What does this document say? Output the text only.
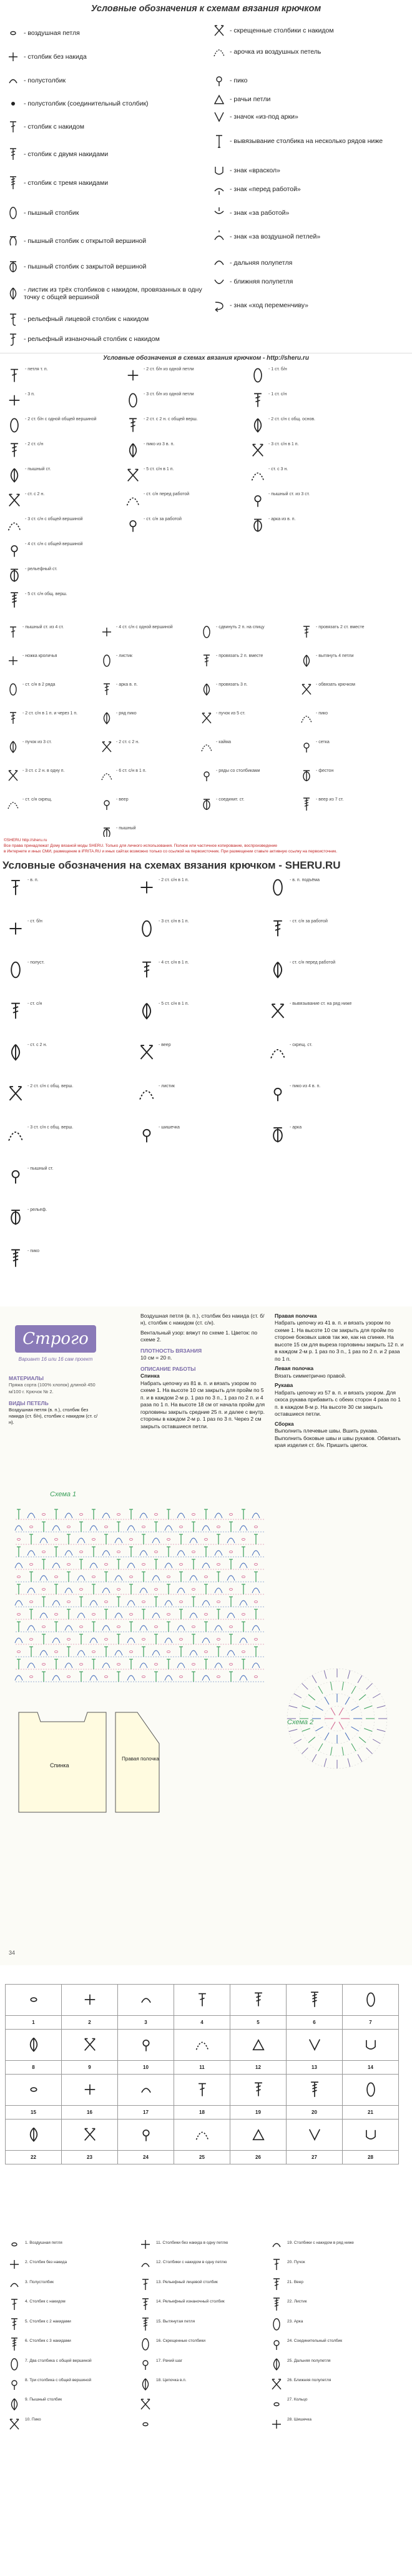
Условные обозначения к схемам вязания крючком
- воздушная петля
- столбик без накида
- полустолбик
- полустолбик (соединительный столбик)
- столбик с накидом
- столбик с двумя накидами
- столбик с тремя накидами
- пышный столбик
- пышный столбик с открытой вершиной
- пышный столбик с закрытой вершиной
- листик из трёх столбиков с накидом, провязанных в одну точку с общей вершиной
- рельефный лицевой столбик с накидом
- рельефный изнаночный столбик с накидом
- скрещенные столбики с накидом
- арочка из воздушных петель
- пико
- рачьи петли
- значок «из-под арки»
- вывязывание столбика на несколько рядов ниже
- знак «враскол»
- знак «перед работой»
- знак «за работой»
- знак «за воздушной петлей»
- дальняя полупетля
- ближняя полупетля
- знак «ход переменчиву»
Условные обозначения в схемах вязания крючком - http://sheru.ru
- петля т. п.
- 3 п.
- 2 ст. б/н с одной общей вершиной
- 2 ст. с/н
- пышный ст.
- ст. с 2 н.
- 3 ст. с/н с общей вершиной
- 4 ст. с/н с общей вершиной
- рельефный ст.
- 5 ст. с/н общ. верш.
- 2 ст. б/н из одной петли
- 3 ст. б/н из одной петли
- 2 ст. с 2 н. с общей верш.
- пико из 3 в. п.
- 5 ст. с/н в 1 п.
- ст. с/н перед работой
- ст. с/н за работой
- 1 ст. б/н
- 1 ст. с/н
- 2 ст. с/н с общ. основ.
- 3 ст. с/н в 1 п.
- ст. с 3 н.
- пышный ст. из 3 ст.
- арка из в. п.
- пышный ст. из 4 ст.
- ножка кроличья
- ст. с/н в 2 ряда
- 2 ст. с/н в 1 п. и через 1 п.
- пучок из 3 ст.
- 3 ст. с 2 н. в одну п.
- ст. с/н скрещ.
- 4 ст. с/н с одной вершиной
- листик
- арка в. п.
- ряд пико
- 2 ст. с 2 н.
- 6 ст. с/н в 1 п.
- веер
- пышный
- сдвинуть 2 п. на спицу
- провязать 2 п. вместе
- провязать 3 п.
- пучок из 5 ст.
- кайма
- ряды со столбиками
- соединит. ст.
- провязать 2 ст. вместе
- вытянуть 4 петли
- обвязать крючком
- пико
- сетка
- фестон
- веер из 7 ст.
©SHERU http://sheru.ru
Все права принадлежат Дому вязаной моды SHERU. Только для личного использования. Полное или частичное копирование, воспроизведение
в Интернете и иных СМИ, размещение в iFRITA.RU и иных сайтах возможно только со ссылкой на первоисточник. При размещении ставьте активную ссылку на первоисточник.
Условные обозначения на схемах вязания крючком - SHERU.RU
- в. п.
- ст. б/н
- полуст.
- ст. с/н
- ст. с 2 н.
- 2 ст. с/н с общ. верш.
- 3 ст. с/н с общ. верш.
- пышный ст.
- рельеф.
- пико
- 2 ст. с/н в 1 п.
- 3 ст. с/н в 1 п.
- 4 ст. с/н в 1 п.
- 5 ст. с/н в 1 п.
- веер
- листик
- шишечка
- в. п. подъёма
- ст. с/н за работой
- ст. с/н перед работой
- вывязывание ст. на ряд ниже
- скрещ. ст.
- пико из 4 в. п.
- арка
Строго
Вариант 16 или 16 сам проект
МАТЕРИАЛЫ
Пряжа сорта (100% хлопок) длиной 450 м/100 г. Крючок № 2.
ВИДЫ ПЕТЕЛЬ
Воздушная петля (в. п.), столбик без накида (ст. б/н), столбик с накидом (ст. с/н).
Воздушная петля (в. п.), столбик без накида (ст. б/н), столбик с накидом (ст. с/н).
Вентальный узор: вяжут по схеме 1. Цветок: по схеме 2.
ПЛОТНОСТЬ ВЯЗАНИЯ
10 см = 20 п.
ОПИСАНИЕ РАБОТЫ
Спинка
Набрать цепочку из 81 в. п. и вязать узором по схеме 1. На высоте 10 см закрыть для пройм по 5 п. и в каждом 2-м р. 1 раз по 3 п., 1 раз по 2 п. и 4 раза по 1 п. На высоте 18 см от начала пройм для горловины закрыть средние 25 п. и далее с внутр. стороны в каждом 2-м р. 1 раз по 3 п. Через 2 см закрыть оставшиеся петли.
Правая полочка
Набрать цепочку из 41 в. п. и вязать узором по схеме 1. На высоте 10 см закрыть для пройм по стороне боковых швов так же, как на спинке. На высоте 15 см для выреза горловины закрыть 12 п. и в каждом 2-м р. 1 раз по 3 п., 1 раз по 2 п. и 2 раза по 1 п.
Левая полочка
Вязать симметрично правой.
Рукава
Набрать цепочку из 57 в. п. и вязать узором. Для скоса рукава прибавить с обеих сторон 4 раза по 1 п. в каждом 8-м р. На высоте 30 см закрыть оставшиеся петли.
Сборка
Выполнить плечевые швы. Вшить рукава. Выполнить боковые швы и швы рукавов. Обвязать края изделия ст. б/н. Пришить цветок.
Схема 1
Схема 2
Спинка
Правая полочка
34

1	2	3	4	5	6	7

8	9	10	11	12	13	14

15	16	17	18	19	20	21

22	23	24	25	26	27	28
1. Воздушная петля
2. Столбик без накида
3. Полустолбик
4. Столбик с накидом
5. Столбик с 2 накидами
6. Столбик с 3 накидами
7. Два столбика с общей вершиной
8. Три столбика с общей вершиной
9. Пышный столбик
10. Пико
11. Столбики без накида в одну петлю
12. Столбики с накидом в одну петлю
13. Рельефный лицевой столбик
14. Рельефный изнаночный столбик
15. Вытянутая петля
16. Скрещенные столбики
17. Рачий шаг
18. Цепочка в.п.
19. Столбики с накидом в ряд ниже
20. Пучок
21. Веер
22. Листик
23. Арка
24. Соединительный столбик
25. Дальняя полупетля
26. Ближняя полупетля
27. Кольцо
28. Шишечка
